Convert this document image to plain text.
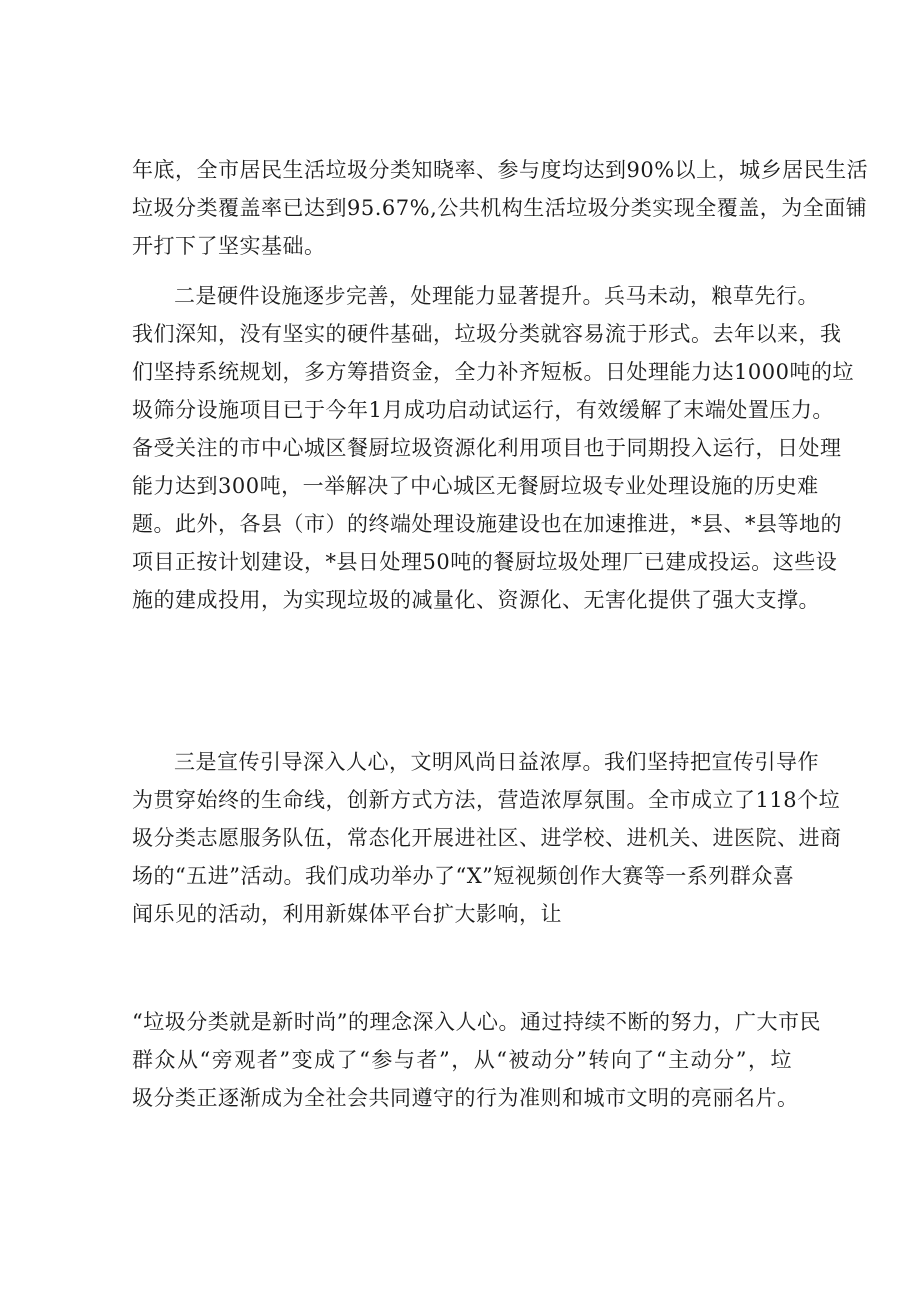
年底，全市居民生活垃圾分类知晓率、参与度均达到90%以上，城乡居民生活
垃圾分类覆盖率已达到95.67%,公共机构生活垃圾分类实现全覆盖，为全面铺
开打下了坚实基础。
二是硬件设施逐步完善，处理能力显著提升。兵马未动，粮草先行。
我们深知，没有坚实的硬件基础，垃圾分类就容易流于形式。去年以来，我
们坚持系统规划，多方筹措资金，全力补齐短板。日处理能力达1000吨的垃
圾筛分设施项目已于今年1月成功启动试运行，有效缓解了末端处置压力。
备受关注的市中心城区餐厨垃圾资源化利用项目也于同期投入运行，日处理
能力达到300吨，一举解决了中心城区无餐厨垃圾专业处理设施的历史难
题。此外，各县（市）的终端处理设施建设也在加速推进，*县、*县等地的
项目正按计划建设，*县日处理50吨的餐厨垃圾处理厂已建成投运。这些设
施的建成投用，为实现垃圾的减量化、资源化、无害化提供了强大支撑。
三是宣传引导深入人心，文明风尚日益浓厚。我们坚持把宣传引导作
为贯穿始终的生命线，创新方式方法，营造浓厚氛围。全市成立了118个垃
圾分类志愿服务队伍，常态化开展进社区、进学校、进机关、进医院、进商
场的“五进”活动。我们成功举办了“X”短视频创作大赛等一系列群众喜
闻乐见的活动，利用新媒体平台扩大影响，让
“垃圾分类就是新时尚”的理念深入人心。通过持续不断的努力，广大市民
群众从“旁观者”变成了“参与者”，从“被动分”转向了“主动分”，垃
圾分类正逐渐成为全社会共同遵守的行为准则和城市文明的亮丽名片。
